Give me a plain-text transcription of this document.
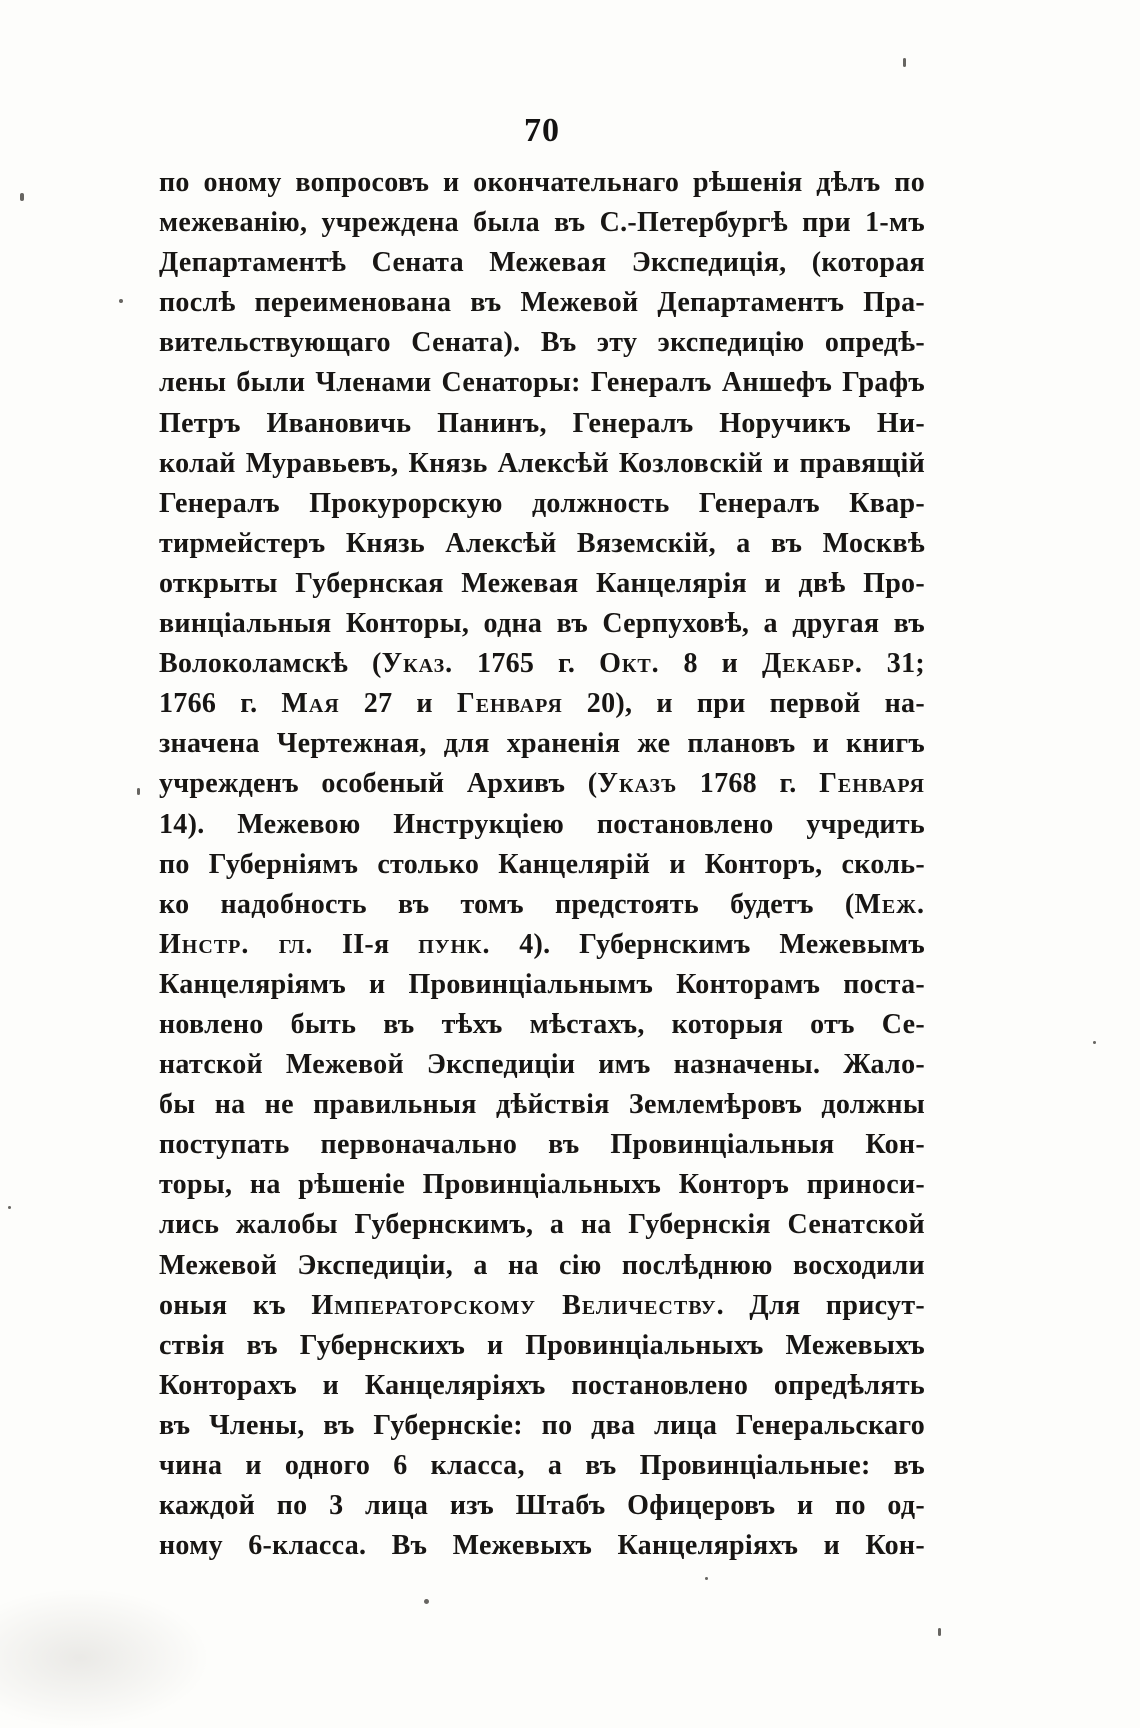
70
по оному вопросовъ и окончательнаго рѣшенія дѣлъ по
межеванію, учреждена была въ С.-Петербургѣ при 1-мъ
Департаментѣ Сената Межевая Экспедиція, (которая
послѣ переименована въ Межевой Департаментъ Пра-
вительствующаго Сената). Въ эту экспедицію опредѣ-
лены были Членами Сенаторы: Генералъ Аншефъ Графъ
Петръ Ивановичь Панинъ, Генералъ Норучикъ Ни-
колай Муравьевъ, Князь Алексѣй Козловскій и правящій
Генералъ Прокурорскую должность Генералъ Квар-
тирмейстеръ Князь Алексѣй Вяземскій, а въ Москвѣ
открыты Губернская Межевая Канцелярія и двѣ Про-
винціальныя Конторы, одна въ Серпуховѣ, а другая въ
Волоколамскѣ (Указ. 1765 г. Окт. 8 и Декабр. 31;
1766 г. Мая 27 и Генваря 20), и при первой на-
значена Чертежная, для храненія же плановъ и книгъ
учрежденъ особеный Архивъ (Указъ 1768 г. Генваря
14). Межевою Инструкціею постановлено учредить
по Губерніямъ столько Канцелярій и Конторъ, сколь-
ко надобность въ томъ предстоять будетъ (Меж.
Инстр. гл. II-я пунк. 4). Губернскимъ Межевымъ
Канцеляріямъ и Провинціальнымъ Конторамъ поста-
новлено быть въ тѣхъ мѣстахъ, которыя отъ Се-
натской Межевой Экспедиціи имъ назначены. Жало-
бы на не правильныя дѣйствія Землемѣровъ должны
поступать первоначально въ Провинціальныя Кон-
торы, на рѣшеніе Провинціальныхъ Конторъ приноси-
лись жалобы Губернскимъ, а на Губернскія Сенатской
Межевой Экспедиціи, а на сію послѣднюю восходили
оныя къ Императорскому Величеству. Для присут-
ствія въ Губернскихъ и Провинціальныхъ Межевыхъ
Конторахъ и Канцеляріяхъ постановлено опредѣлять
въ Члены, въ Губернскіе: по два лица Генеральскаго
чина и одного 6 класса, а въ Провинціальные: въ
каждой по 3 лица изъ Штабъ Офицеровъ и по од-
ному 6-класса. Въ Межевыхъ Канцеляріяхъ и Кон-
